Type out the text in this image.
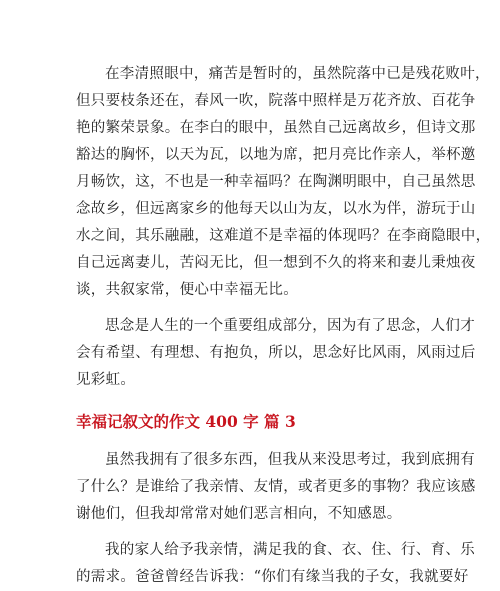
在李清照眼中，痛苦是暂时的，虽然院落中已是残花败叶，
但只要枝条还在，春风一吹，院落中照样是万花齐放、百花争
艳的繁荣景象。在李白的眼中，虽然自己远离故乡，但诗文那
豁达的胸怀，以天为瓦，以地为席，把月亮比作亲人，举杯邀
月畅饮，这，不也是一种幸福吗？在陶渊明眼中，自己虽然思
念故乡，但远离家乡的他每天以山为友，以水为伴，游玩于山
水之间，其乐融融，这难道不是幸福的体现吗？在李商隐眼中，
自己远离妻儿，苦闷无比，但一想到不久的将来和妻儿秉烛夜
谈，共叙家常，便心中幸福无比。

思念是人生的一个重要组成部分，因为有了思念，人们才
会有希望、有理想、有抱负，所以，思念好比风雨，风雨过后
见彩虹。

幸福记叙文的作文 400 字 篇 3

虽然我拥有了很多东西，但我从来没思考过，我到底拥有
了什么？是谁给了我亲情、友情，或者更多的事物？我应该感
谢他们，但我却常常对她们恶言相向，不知感恩。

我的家人给予我亲情，满足我的食、衣、住、行、育、乐
的需求。爸爸曾经告诉我：“你们有缘当我的子女，我就要好
